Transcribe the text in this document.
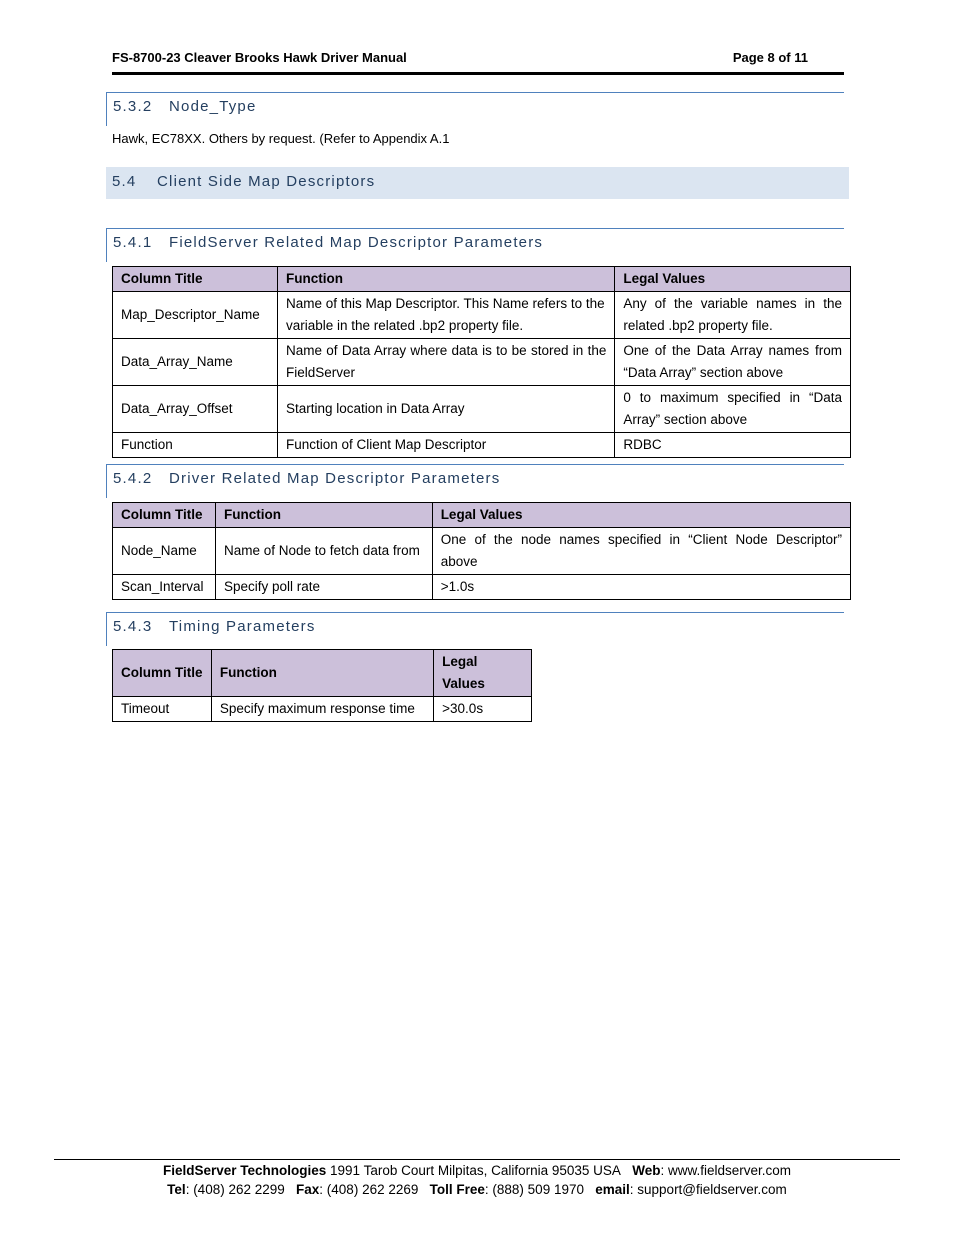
FS-8700-23 Cleaver Brooks Hawk Driver Manual	Page 8 of 11
5.3.2 Node_Type
Hawk, EC78XX. Others by request. (Refer to Appendix A.1
5.4 Client Side Map Descriptors
5.4.1 FieldServer Related Map Descriptor Parameters
Column Title	Function	Legal Values
Map_Descriptor_Name	Name of this Map Descriptor. This Name refers to the variable in the related .bp2 property file.	Any of the variable names in the related .bp2 property file.
Data_Array_Name	Name of Data Array where data is to be stored in the FieldServer	One of the Data Array names from “Data Array” section above
Data_Array_Offset	Starting location in Data Array	0 to maximum specified in “Data Array” section above
Function	Function of Client Map Descriptor	RDBC
5.4.2 Driver Related Map Descriptor Parameters
Column Title	Function	Legal Values
Node_Name	Name of Node to fetch data from	One of the node names specified in “Client Node Descriptor” above
Scan_Interval	Specify poll rate	>1.0s
5.4.3 Timing Parameters
Column Title	Function	Legal Values
Timeout	Specify maximum response time	>30.0s
FieldServer Technologies 1991 Tarob Court Milpitas, California 95035 USA Web: www.fieldserver.com
Tel: (408) 262 2299 Fax: (408) 262 2269 Toll Free: (888) 509 1970 email: support@fieldserver.com
